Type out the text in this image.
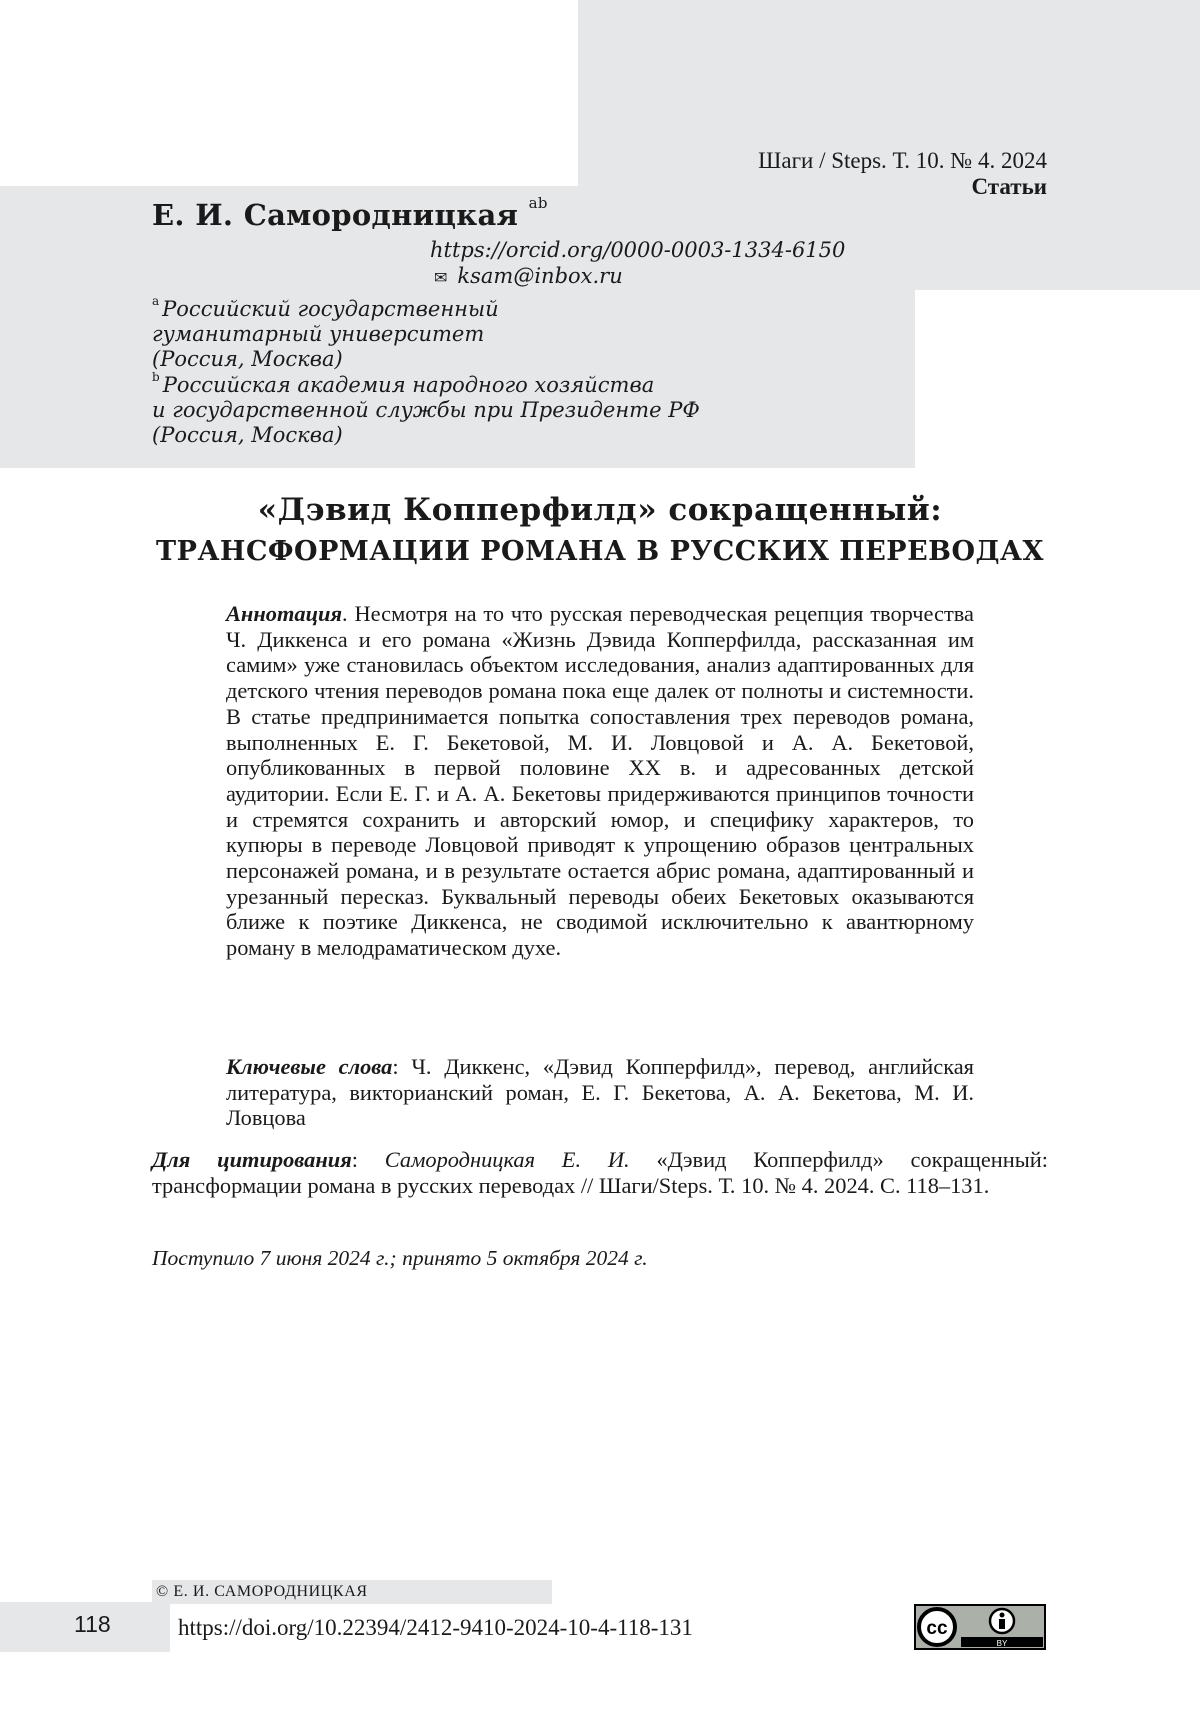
Шаги / Steps. Т. 10. № 4. 2024
Статьи
Е. И. Самородницкая ab
https://orcid.org/0000-0003-1334-6150
✉ ksam@inbox.ru
a Российский государственный
гуманитарный университет
(Россия, Москва)
b Российская академия народного хозяйства
и государственной службы при Президенте РФ
(Россия, Москва)
«Дэвид Копперфилд» сокращенный:
ТРАНСФОРМАЦИИ РОМАНА В РУССКИХ ПЕРЕВОДАХ
Аннотация. Несмотря на то что русская переводческая рецепция творчества Ч. Диккенса и его романа «Жизнь Дэвида Копперфилда, рассказанная им самим» уже становилась объектом исследования, анализ адаптированных для детского чтения переводов романа пока еще далек от полноты и системности. В статье предпринимается попытка сопоставления трех переводов романа, выполненных Е. Г. Бекетовой, М. И. Ловцовой и А. А. Бекетовой, опубликованных в первой половине XX в. и адресованных детской аудитории. Если Е. Г. и А. А. Бекетовы придерживаются принципов точности и стремятся сохранить и авторский юмор, и специфику характеров, то купюры в переводе Ловцовой приводят к упрощению образов центральных персонажей романа, и в результате остается абрис романа, адаптированный и урезанный пересказ. Буквальный переводы обеих Бекетовых оказываются ближе к поэтике Диккенса, не сводимой исключительно к авантюрному роману в мелодраматическом духе.
Ключевые слова: Ч. Диккенс, «Дэвид Копперфилд», перевод, английская литература, викторианский роман, Е. Г. Бекетова, А. А. Бекетова, М. И. Ловцова
Для цитирования: Самородницкая Е. И. «Дэвид Копперфилд» сокращенный: трансформации романа в русских переводах // Шаги/Steps. Т. 10. № 4. 2024. С. 118–131.
Поступило 7 июня 2024 г.; принято 5 октября 2024 г.
© Е. И. САМОРОДНИЦКАЯ
118	https://doi.org/10.22394/2412-9410-2024-10-4-118-131	cc
BY
